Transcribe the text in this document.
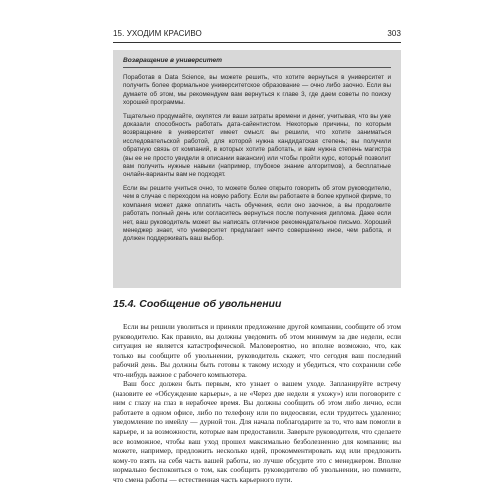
15. УХОДИМ КРАСИВО	303

Возвращение в университет

Поработав в Data Science, вы можете решить, что хотите вернуться в университет и получить более формальное университетское образование — очно либо заочно. Если вы думаете об этом, мы рекомендуем вам вернуться к главе 3, где даем советы по поиску хорошей программы.

Тщательно продумайте, окупятся ли ваши затраты времени и денег, учитывая, что вы уже доказали способность работать дата-сайентистом. Некоторые причины, по которым возвращение в университет имеет смысл: вы решили, что хотите заниматься исследовательской работой, для которой нужна кандидатская степень; вы получили обратную связь от компаний, в которых хотите работать, и вам нужна степень магистра (вы ее не просто увидели в описании вакансии) или чтобы пройти курс, который позволит вам получить нужные навыки (например, глубокое знание алгоритмов), а бесплатные онлайн-варианты вам не подходят.

Если вы решите учиться очно, то можете более открыто говорить об этом руководителю, чем в случае с переходом на новую работу. Если вы работаете в более крупной фирме, то компания может даже оплатить часть обучения, если оно заочное, а вы продолжите работать полный день или согласитесь вернуться после получения диплома. Даже если нет, ваш руководитель может вы написать отличное рекомендательное письмо. Хороший менеджер знает, что университет предлагает нечто совершенно иное, чем работа, и должен поддерживать ваш выбор.

15.4. Сообщение об увольнении

Если вы решили уволиться и приняли предложение другой компании, сообщите об этом руководителю. Как правило, вы должны уведомить об этом минимум за две недели, если ситуация не является катастрофической. Маловероятно, но вполне возможно, что, как только вы сообщите об увольнении, руководитель скажет, что сегодня ваш последний рабочий день. Вы должны быть готовы к такому исходу и убедиться, что сохранили себе что-нибудь важное с рабочего компьютера.

Ваш босс должен быть первым, кто узнает о вашем уходе. Запланируйте встречу (назовите ее «Обсуждение карьеры», а не «Через две недели я ухожу») или поговорите с ним с глазу на глаз в нерабочее время. Вы должны сообщить об этом либо лично, если работаете в одном офисе, либо по телефону или по видеосвязи, если трудитесь удаленно; уведомление по имейлу — дурной тон. Для начала поблагодарите за то, что вам помогли в карьере, и за возможности, которые вам предоставили. Заверьте руководителя, что сделаете все возможное, чтобы ваш уход прошел максимально безболезненно для компании; вы можете, например, предложить несколько идей, прокомментировать код или предложить кому-то взять на себя часть вашей работы, но лучше обсудите это с менеджером. Вполне нормально беспокоиться о том, как сообщить руководителю об увольнении, но помните, что смена работы — естественная часть карьерного пути.
